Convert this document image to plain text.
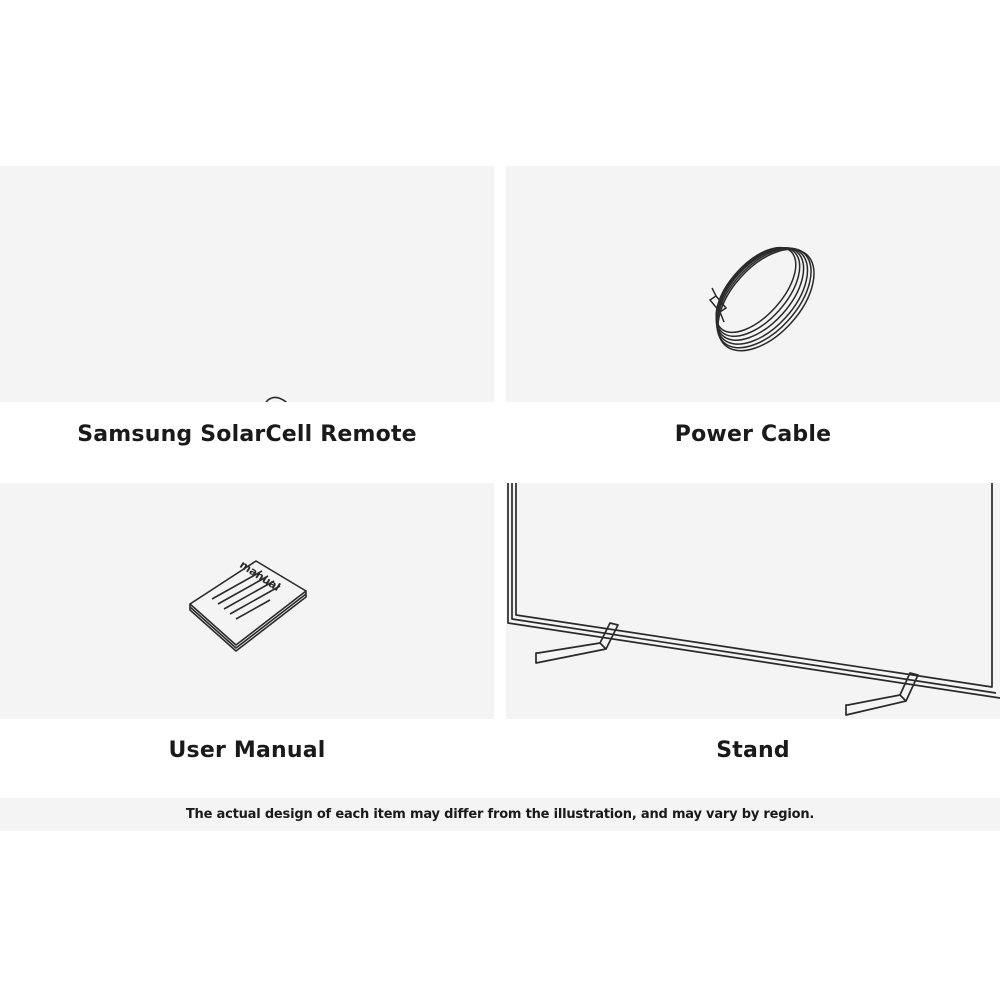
manual
Samsung SolarCell Remote	Power Cable
User Manual	Stand
The actual design of each item may differ from the illustration, and may vary by region.
